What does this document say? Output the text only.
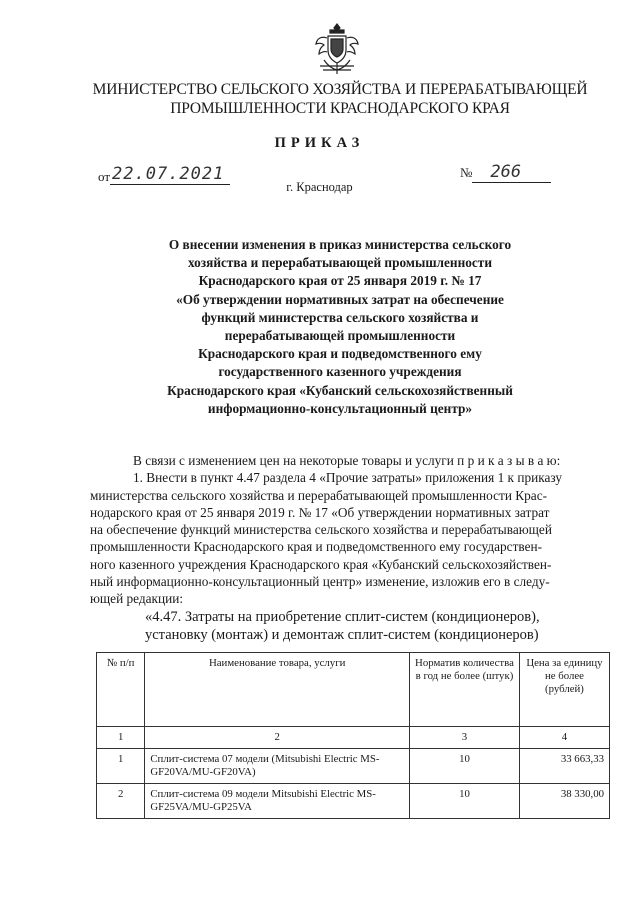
МИНИСТЕРСТВО СЕЛЬСКОГО ХОЗЯЙСТВА И ПЕРЕРАБАТЫВАЮЩЕЙ
ПРОМЫШЛЕННОСТИ КРАСНОДАРСКОГО КРАЯ
ПРИКАЗ
от 22.07.2021	№ 266
г. Краснодар
О внесении изменения в приказ министерства сельского
хозяйства и перерабатывающей промышленности
Краснодарского края от 25 января 2019 г. № 17
«Об утверждении нормативных затрат на обеспечение
функций министерства сельского хозяйства и
перерабатывающей промышленности
Краснодарского края и подведомственного ему
государственного казенного учреждения
Краснодарского края «Кубанский сельскохозяйственный
информационно-консультационный центр»
В связи с изменением цен на некоторые товары и услуги п р и к а з ы в а ю:
1. Внести в пункт 4.47 раздела 4 «Прочие затраты» приложения 1 к приказу
министерства сельского хозяйства и перерабатывающей промышленности Крас-
нодарского края от 25 января 2019 г. № 17 «Об утверждении нормативных затрат
на обеспечение функций министерства сельского хозяйства и перерабатывающей
промышленности Краснодарского края и подведомственного ему государствен-
ного казенного учреждения Краснодарского края «Кубанский сельскохозяйствен-
ный информационно-консультационный центр» изменение, изложив его в следу-
ющей редакции:
«4.47. Затраты на приобретение сплит-систем (кондиционеров),
установку (монтаж) и демонтаж сплит-систем (кондиционеров)
№ п/п	Наименование товара, услуги	Норматив количества в год не более (штук)	Цена за единицу не более (рублей)
1	2	3	4
1	Сплит-система 07 модели (Mitsubishi Electric MS-GF20VA/MU-GF20VA)	10	33 663,33
2	Сплит-система 09 модели Mitsubishi Electric MS-GF25VA/MU-GP25VA	10	38 330,00
